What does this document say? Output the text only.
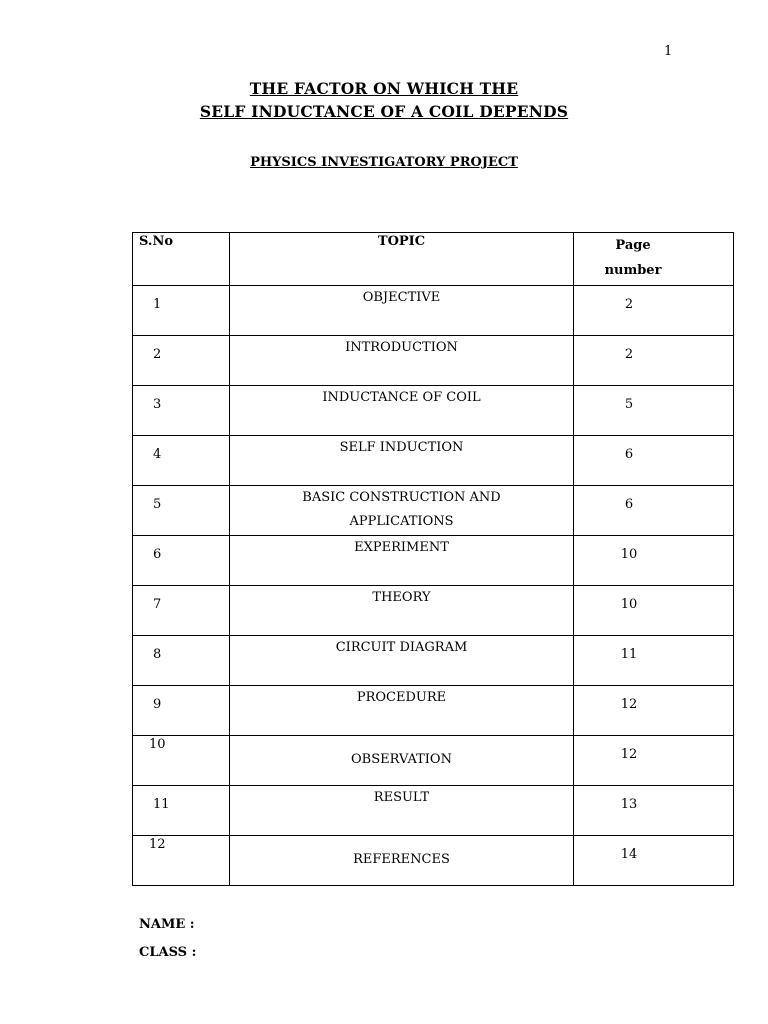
1
THE FACTOR ON WHICH THE
SELF INDUCTANCE OF A COIL DEPENDS
PHYSICS INVESTIGATORY PROJECT
S.No	TOPIC	Page
number

1	OBJECTIVE	2

2	INTRODUCTION	2

3	INDUCTANCE OF COIL	5

4	SELF INDUCTION	6

5	BASIC CONSTRUCTION AND
APPLICATIONS	6

6	EXPERIMENT	10

7	THEORY	10

8	CIRCUIT DIAGRAM	11

9	PROCEDURE	12

10	OBSERVATION	12

11	RESULT	13

12	REFERENCES	14
NAME :
CLASS :
